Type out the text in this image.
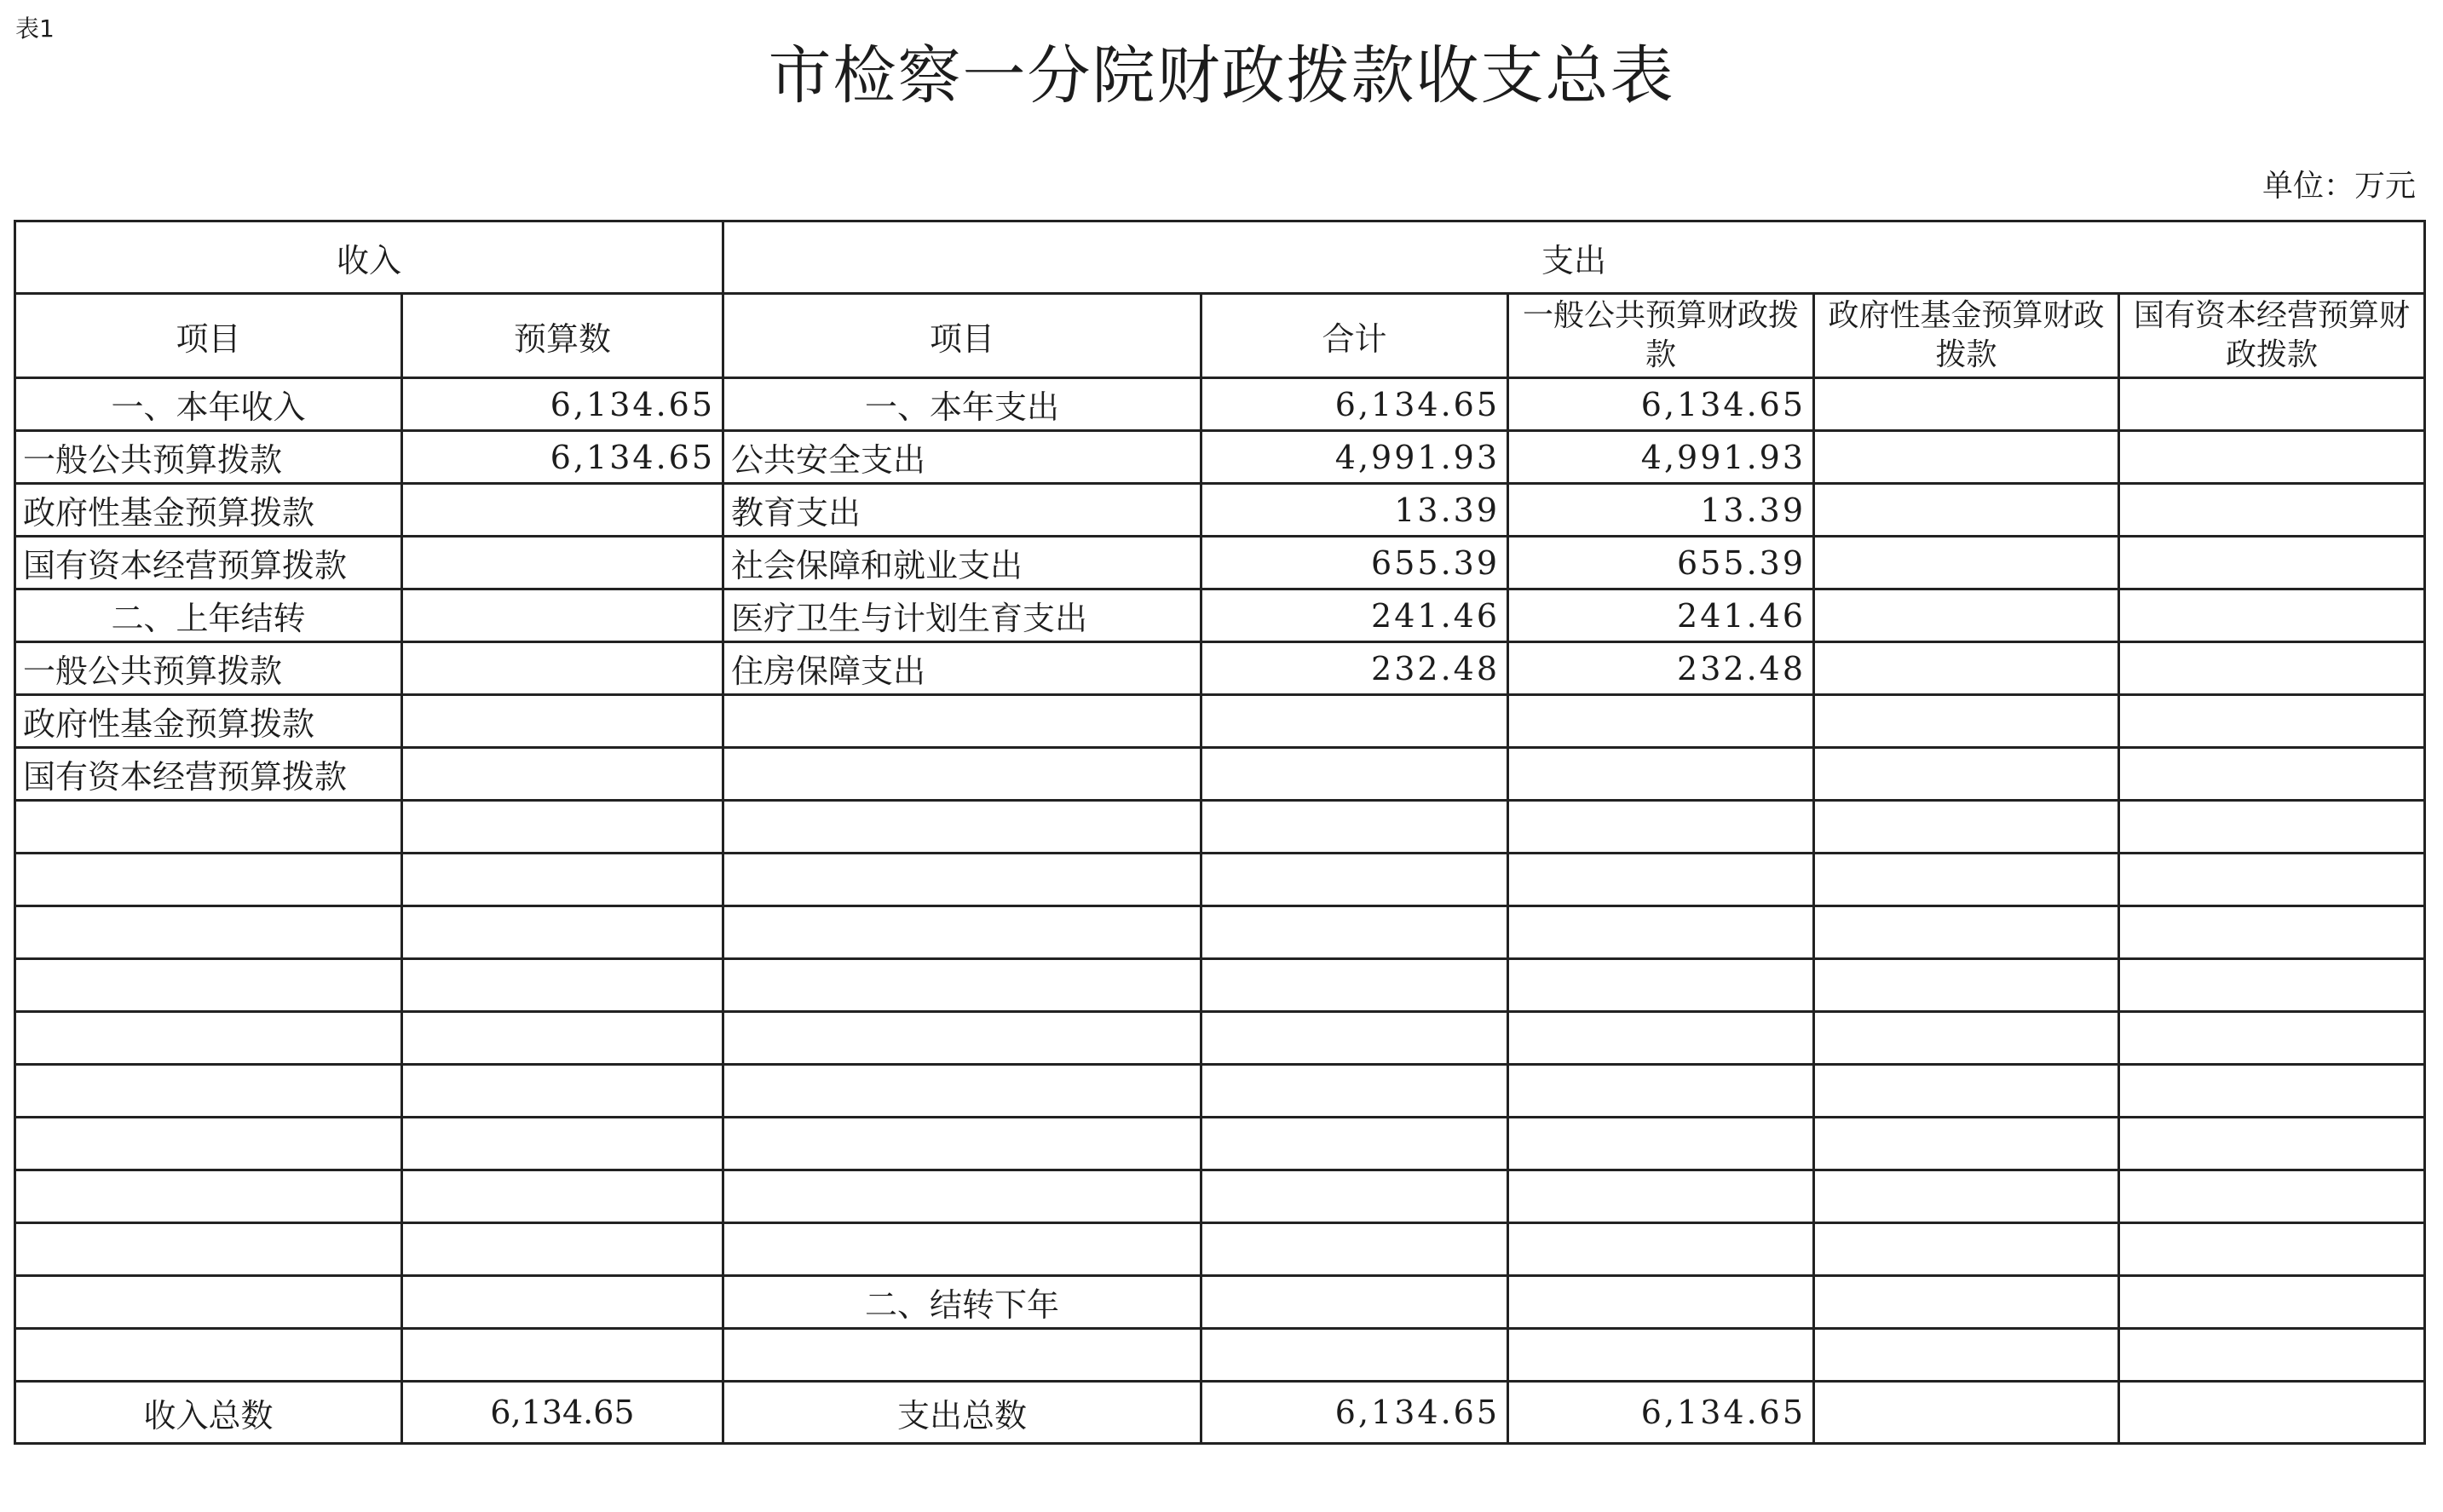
表1
市检察一分院财政拨款收支总表
单位：万元
收入		支出				
项目	预算数	项目	合计	一般公共预算财政拨款	政府性基金预算财政拨款	国有资本经营预算财政拨款
一、本年收入	6,134.65	一、本年支出	6,134.65	6,134.65		
一般公共预算拨款	6,134.65	公共安全支出	4,991.93	4,991.93		
政府性基金预算拨款		教育支出	13.39	13.39		
国有资本经营预算拨款		社会保障和就业支出	655.39	655.39		
二、上年结转		医疗卫生与计划生育支出	241.46	241.46		
一般公共预算拨款		住房保障支出	232.48	232.48		
政府性基金预算拨款						
国有资本经营预算拨款						

		二、结转下年				

收入总数	6,134.65	支出总数	6,134.65	6,134.65		
